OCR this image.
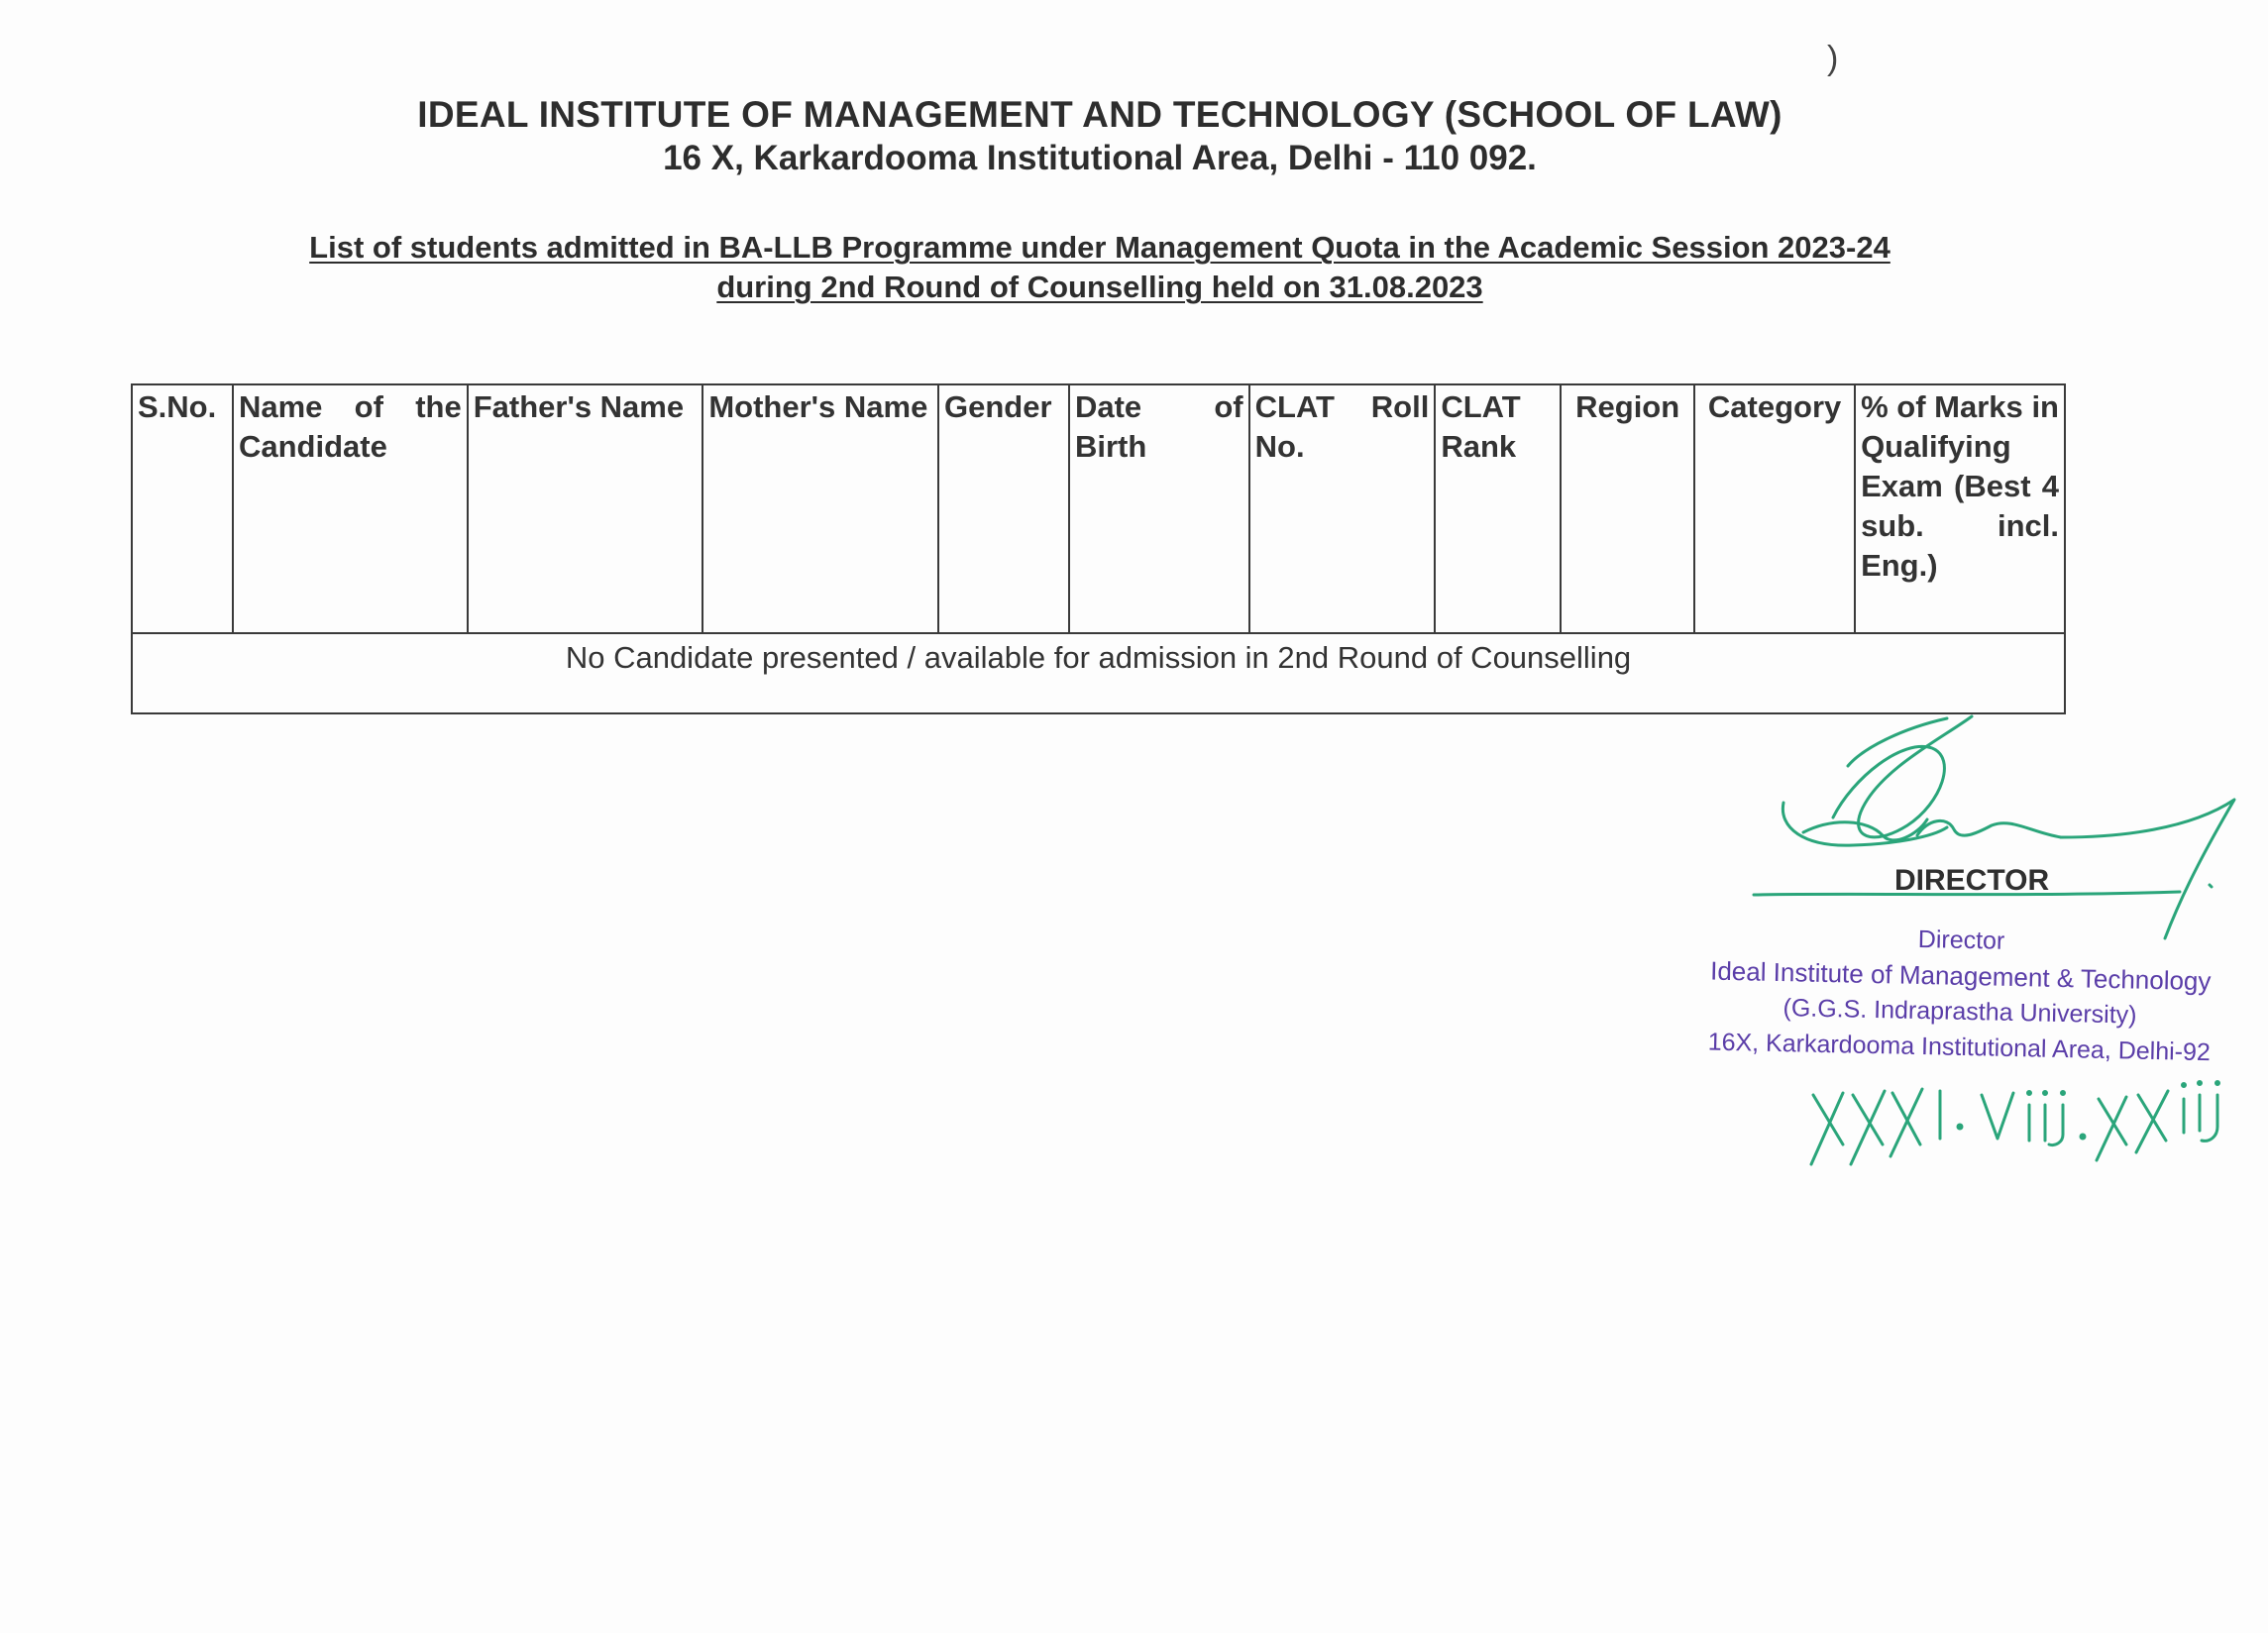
)
IDEAL INSTITUTE OF MANAGEMENT AND TECHNOLOGY (SCHOOL OF LAW)
16 X, Karkardooma Institutional Area, Delhi - 110 092.
List of students admitted in BA-LLB Programme under Management Quota in the Academic Session 2023-24
during 2nd Round of Counselling held on 31.08.2023
S.No.	Name of the Candidate	Father's Name	Mother's Name	Gender	Date of Birth	CLAT Roll No.	CLAT Rank	Region	Category	% of Marks in Qualifying Exam (Best 4 sub. incl. Eng.)
No Candidate presented / available for admission in 2nd Round of Counselling
DIRECTOR
Director
Ideal Institute of Management & Technology
(G.G.S. Indraprastha University)
16X, Karkardooma Institutional Area, Delhi-92
